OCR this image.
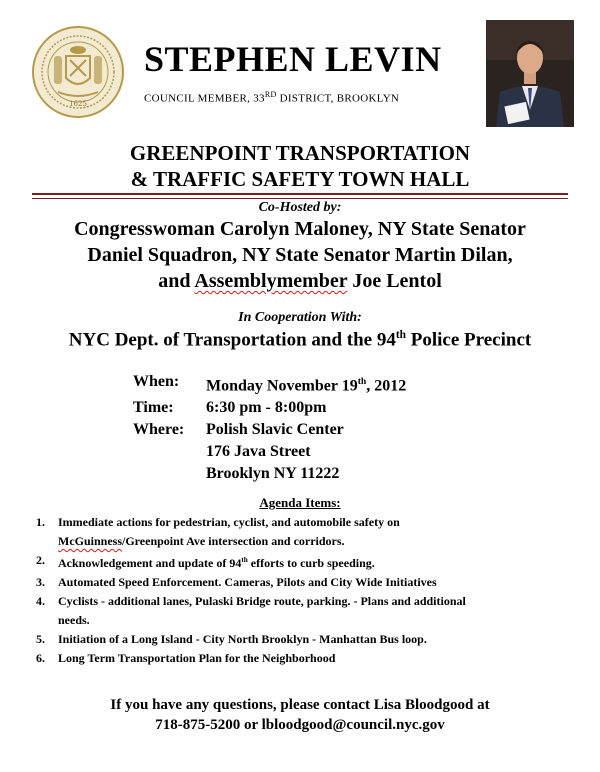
1625
STEPHEN LEVIN
COUNCIL MEMBER, 33RD DISTRICT, BROOKLYN
GREENPOINT TRANSPORTATION
& TRAFFIC SAFETY TOWN HALL
Co-Hosted by:
Congresswoman Carolyn Maloney, NY State Senator
Daniel Squadron, NY State Senator Martin Dilan,
and Assemblymember Joe Lentol
In Cooperation With:
NYC Dept. of Transportation and the 94th Police Precinct
When:	Monday November 19th, 2012
Time:	6:30 pm - 8:00pm
Where:	Polish Slavic Center
176 Java Street
Brooklyn NY 11222
Agenda Items:
1.	Immediate actions for pedestrian, cyclist, and automobile safety on
McGuinness/Greenpoint Ave intersection and corridors.
2.	Acknowledgement and update of 94th efforts to curb speeding.
3.	Automated Speed Enforcement. Cameras, Pilots and City Wide Initiatives
4.	Cyclists - additional lanes, Pulaski Bridge route, parking. - Plans and additional
needs.
5.	Initiation of a Long Island - City North Brooklyn - Manhattan Bus loop.
6.	Long Term Transportation Plan for the Neighborhood
If you have any questions, please contact Lisa Bloodgood at
718-875-5200 or lbloodgood@council.nyc.gov
